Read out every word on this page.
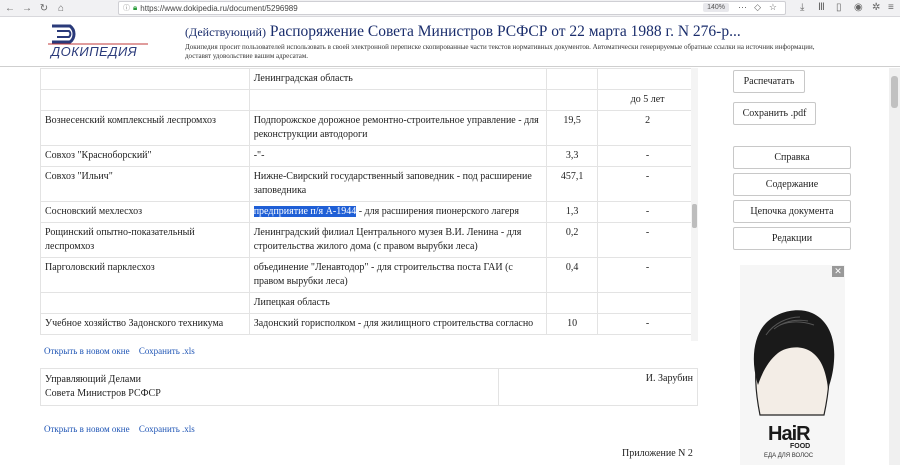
← → ↻ ⌂	ⓘ 🔒︎ https://www.dokipedia.ru/document/5296989	140%	⋯ ◇ ☆ ⤓ Ⅲ ▯ ◉ ✲ ≡
ДОКИПЕДИЯ
(Действующий) Распоряжение Совета Министров РСФСР от 22 марта 1988 г. N 276-р...
Докипедия просит пользователей использовать в своей электронной переписке скопированные части текстов нормативных документов. Автоматически генерируемые обратные ссылки на источник информации, доставят удовольствие вашим адресатам.
	Ленинградская область		
			до 5 лет
Вознесенский комплексный леспромхоз	Подпорожское дорожное ремонтно-строительное управление - для реконструкции автодороги	19,5	2
Совхоз "Красноборский"	-"-	3,3	-
Совхоз "Ильич"	Нижне-Свирский государственный заповедник - под расширение заповедника	457,1	-
Сосновский мехлесхоз	предприятие п/я А-1944 - для расширения пионерского лагеря	1,3	-
Рощинский опытно-показательный леспромхоз	Ленинградский филиал Центрального музея В.И. Ленина - для строительства жилого дома (с правом вырубки леса)	0,2	-
Парголовский парклесхоз	объединение "Ленавтодор" - для строительства поста ГАИ (с правом вырубки леса)	0,4	-
	Липецкая область		
Учебное хозяйство Задонского техникума	Задонский горисполком - для жилищного строительства согласно	10	-
Открыть в новом окне Сохранить .xls
Управляющий Делами
Совета Министров РСФСР
И. Зарубин
Открыть в новом окне Сохранить .xls
Приложение N 2
Распечатать
Сохранить .pdf
Справка
Содержание
Цепочка документа
Редакции
✕
HaiR
FOOD
ЕДА ДЛЯ ВОЛОС
